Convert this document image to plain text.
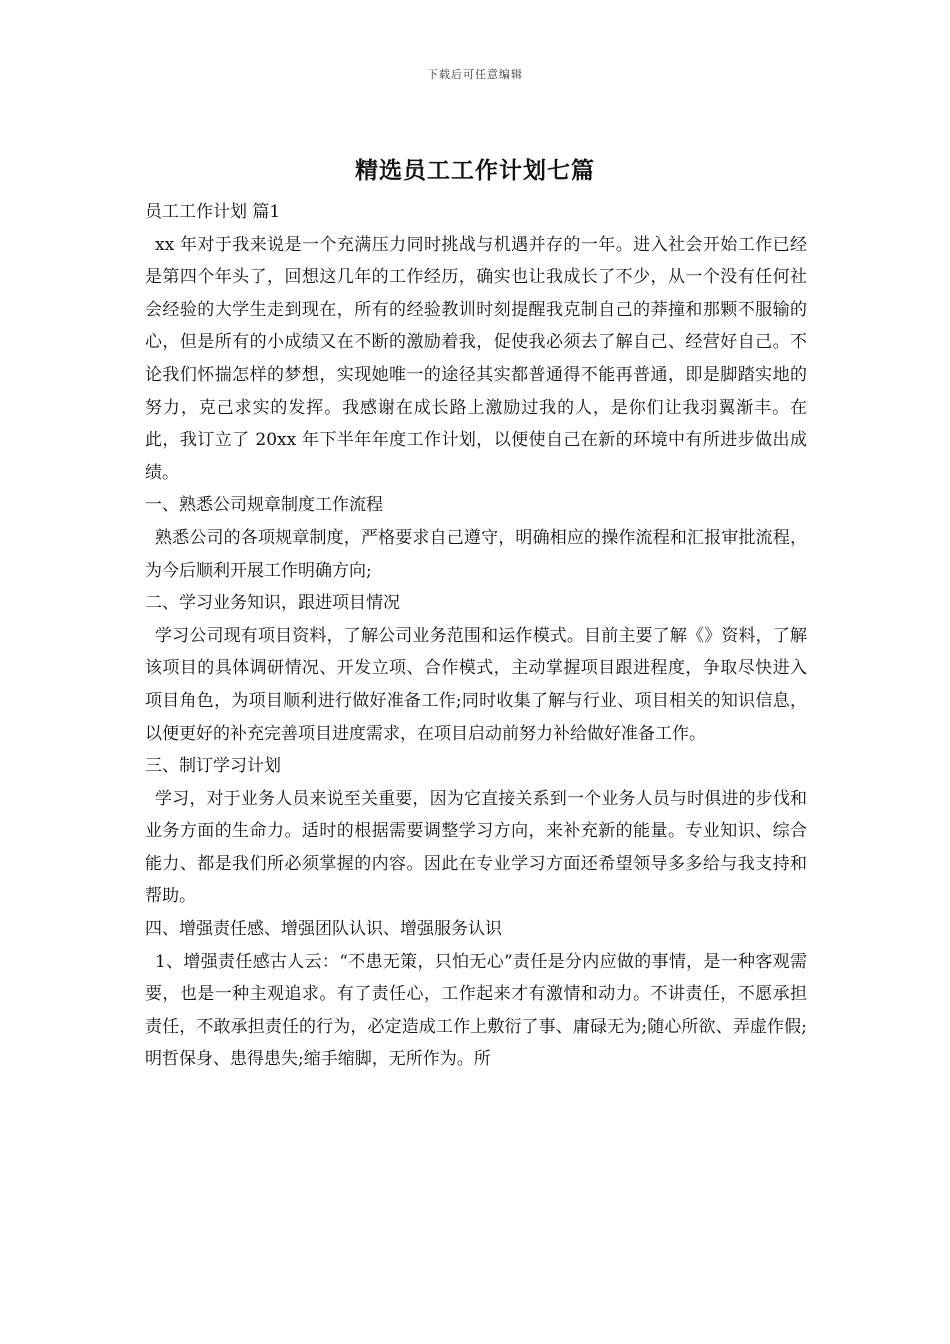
下载后可任意编辑
精选员工工作计划七篇

员工工作计划 篇1

xx 年对于我来说是一个充满压力同时挑战与机遇并存的一年。进入社会开始工作已经是第四个年头了，回想这几年的工作经历，确实也让我成长了不少，从一个没有任何社会经验的大学生走到现在，所有的经验教训时刻提醒我克制自己的莽撞和那颗不服输的心，但是所有的小成绩又在不断的激励着我，促使我必须去了解自己、经营好自己。不论我们怀揣怎样的梦想，实现她唯一的途径其实都普通得不能再普通，即是脚踏实地的努力，克己求实的发挥。我感谢在成长路上激励过我的人，是你们让我羽翼渐丰。在此，我订立了 20xx 年下半年年度工作计划，以便使自己在新的环境中有所进步做出成绩。

一、熟悉公司规章制度工作流程

熟悉公司的各项规章制度，严格要求自己遵守，明确相应的操作流程和汇报审批流程，为今后顺利开展工作明确方向;

二、学习业务知识，跟进项目情况

学习公司现有项目资料，了解公司业务范围和运作模式。目前主要了解《》资料，了解该项目的具体调研情况、开发立项、合作模式，主动掌握项目跟进程度，争取尽快进入项目角色，为项目顺利进行做好准备工作;同时收集了解与行业、项目相关的知识信息，以便更好的补充完善项目进度需求，在项目启动前努力补给做好准备工作。

三、制订学习计划

学习，对于业务人员来说至关重要，因为它直接关系到一个业务人员与时俱进的步伐和业务方面的生命力。适时的根据需要调整学习方向，来补充新的能量。专业知识、综合能力、都是我们所必须掌握的内容。因此在专业学习方面还希望领导多多给与我支持和帮助。

四、增强责任感、增强团队认识、增强服务认识

1、增强责任感古人云：“不患无策，只怕无心”责任是分内应做的事情，是一种客观需要，也是一种主观追求。有了责任心，工作起来才有激情和动力。不讲责任，不愿承担责任，不敢承担责任的行为，必定造成工作上敷衍了事、庸碌无为;随心所欲、弄虚作假;明哲保身、患得患失;缩手缩脚，无所作为。所
